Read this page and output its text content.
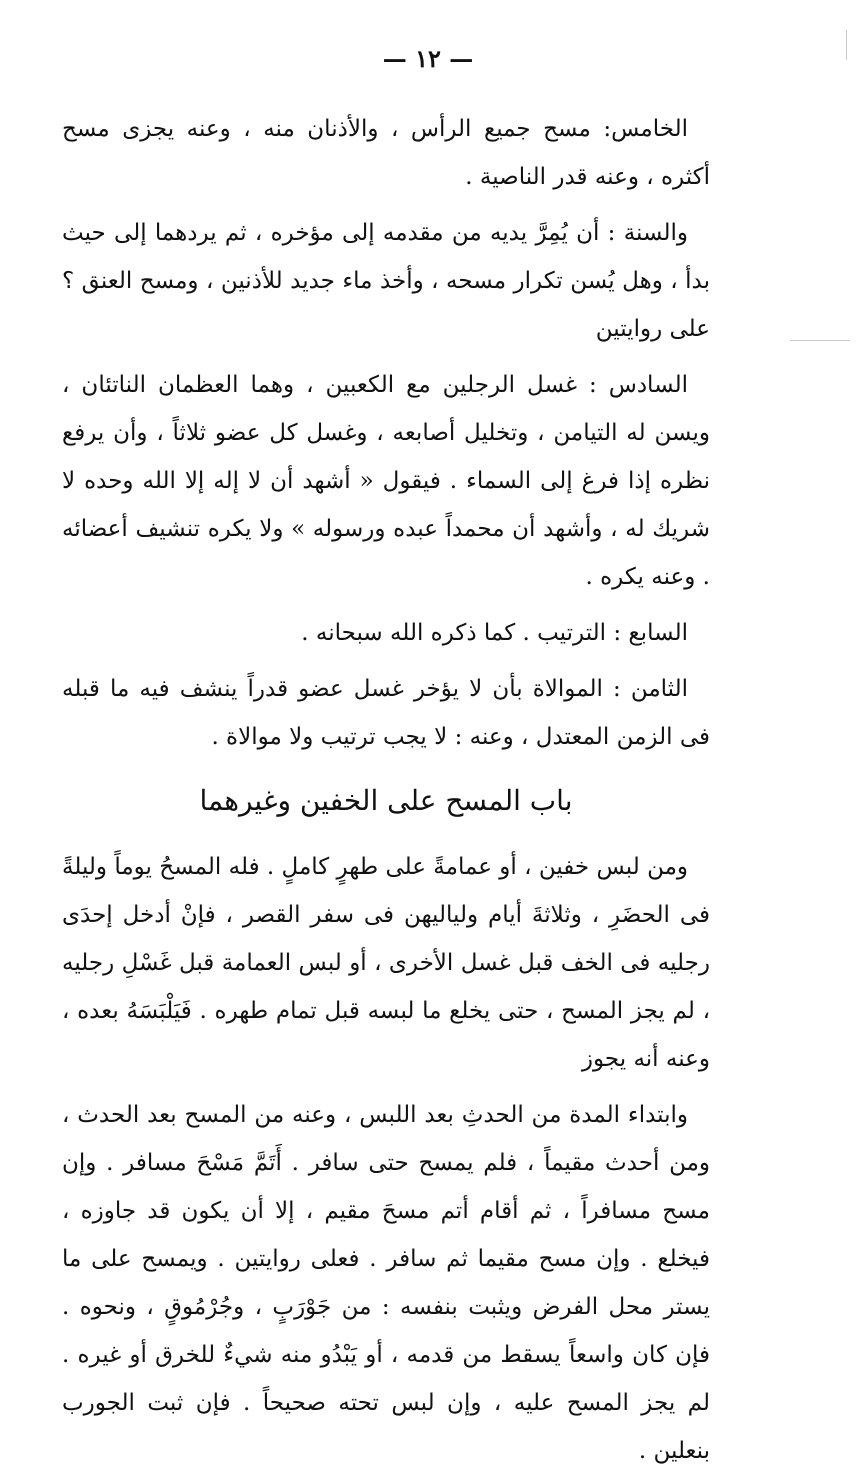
— ١٢ —

الخامس: مسح جميع الرأس ، والأذنان منه ، وعنه يجزى مسح أكثره ، وعنه قدر الناصية .

والسنة : أن يُمِرَّ يديه من مقدمه إلى مؤخره ، ثم يردهما إلى حيث بدأ ، وهل يُسن تكرار مسحه ، وأخذ ماء جديد للأذنين ، ومسح العنق ؟ على روايتين

السادس : غسل الرجلين مع الكعبين ، وهما العظمان الناتئان ، ويسن له التيامن ، وتخليل أصابعه ، وغسل كل عضو ثلاثاً ، وأن يرفع نظره إذا فرغ إلى السماء . فيقول « أشهد أن لا إله إلا الله وحده لا شريك له ، وأشهد أن محمداً عبده ورسوله » ولا يكره تنشيف أعضائه . وعنه يكره .

السابع : الترتيب . كما ذكره الله سبحانه .

الثامن : الموالاة بأن لا يؤخر غسل عضو قدراً ينشف فيه ما قبله فى الزمن المعتدل ، وعنه : لا يجب ترتيب ولا موالاة .

باب المسح على الخفين وغيرهما

ومن لبس خفين ، أو عمامةً على طهرٍ كاملٍ . فله المسحُ يوماً وليلةً فى الحضَرِ ، وثلاثةَ أيام ولياليهن فى سفر القصر ، فإنْ أدخل إحدَى رجليه فى الخف قبل غسل الأخرى ، أو لبس العمامة قبل غَسْلِ رجليه ، لم يجز المسح ، حتى يخلع ما لبسه قبل تمام طهره . فَيَلْبَسَهُ بعده ، وعنه أنه يجوز

وابتداء المدة من الحدثِ بعد اللبس ، وعنه من المسح بعد الحدث ، ومن أحدث مقيماً ، فلم يمسح حتى سافر . أَتَمَّ مَسْحَ مسافر . وإن مسح مسافراً ، ثم أقام أتم مسحَ مقيم ، إلا أن يكون قد جاوزه ، فيخلع . وإن مسح مقيما ثم سافر . فعلى روايتين . ويمسح على ما يستر محل الفرض ويثبت بنفسه : من جَوْرَبٍ ، وجُرْمُوقٍ ، ونحوه . فإن كان واسعاً يسقط من قدمه ، أو يَبْدُو منه شيءٌ للخرق أو غيره . لم يجز المسح عليه ، وإن لبس تحته صحيحاً . فإن ثبت الجورب بنعلين .
